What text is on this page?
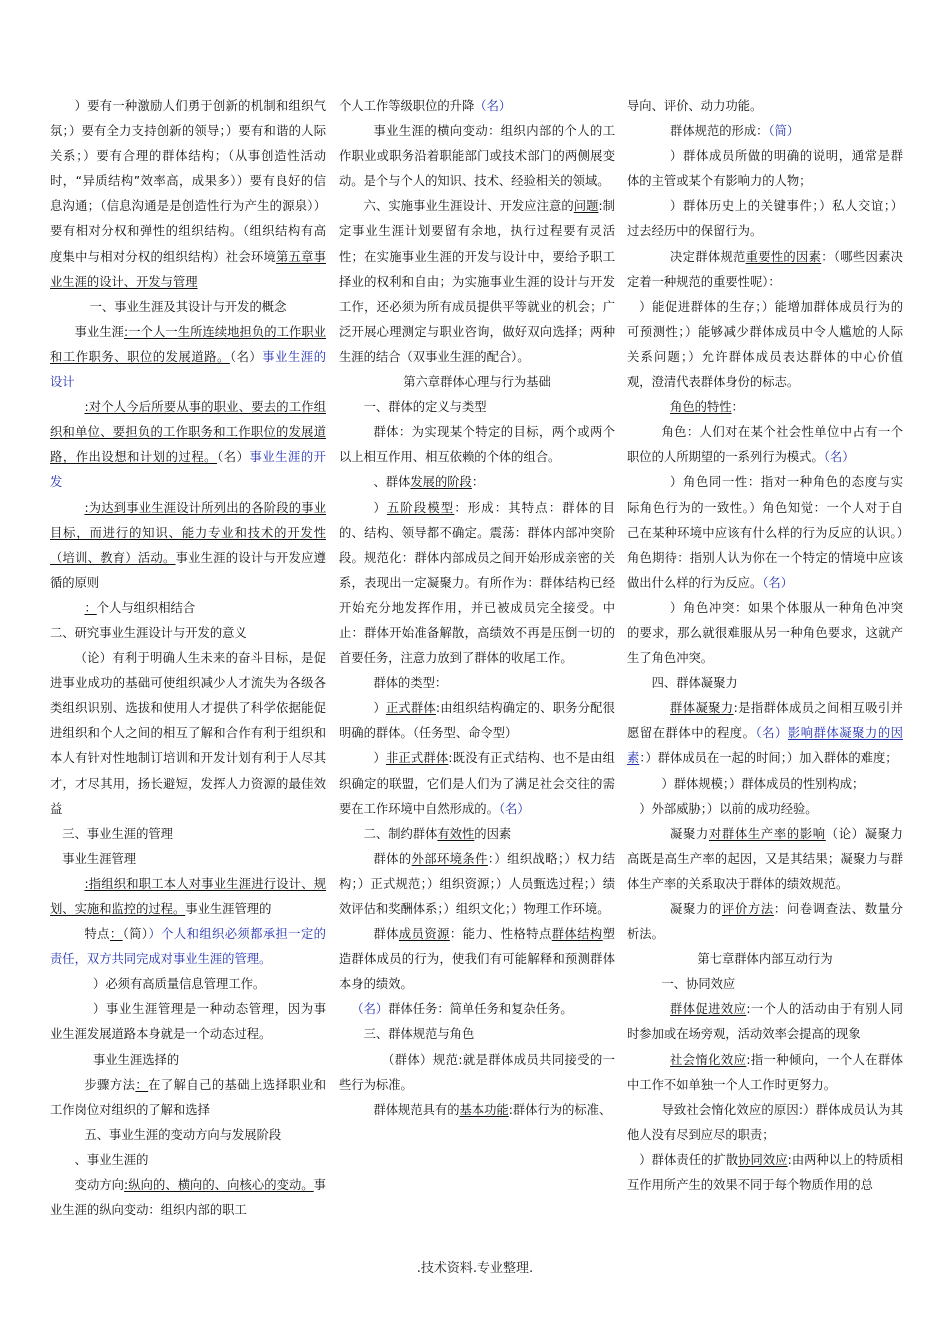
）要有一种激励人们勇于创新的机制和组织气氛；）要有全力支持创新的领导；）要有和谐的人际关系；）要有合理的群体结构；（从事创造性活动时，“异质结构”效率高，成果多））要有良好的信息沟通；（信息沟通是是创造性行为产生的源泉））要有相对分权和弹性的组织结构。（组织结构有高度集中与相对分权的组织结构）社会环境第五章事业生涯的设计、开发与管理

一、事业生涯及其设计与开发的概念

事业生涯:一个人一生所连续地担负的工作职业和工作职务、职位的发展道路。（名）事业生涯的设计

:对个人今后所要从事的职业、要去的工作组织和单位、要担负的工作职务和工作职位的发展道路，作出设想和计划的过程。（名）事业生涯的开发

:为达到事业生涯设计所列出的各阶段的事业目标，而进行的知识、能力专业和技术的开发性（培训、教育）活动。事业生涯的设计与开发应遵循的原则

：个人与组织相结合

二、研究事业生涯设计与开发的意义

（论）有利于明确人生未来的奋斗目标，是促进事业成功的基础可使组织减少人才流失为各级各类组织识别、选拔和使用人才提供了科学依据能促进组织和个人之间的相互了解和合作有利于组织和本人有针对性地制订培训和开发计划有利于人尽其才，才尽其用，扬长避短，发挥人力资源的最佳效益

三、事业生涯的管理

事业生涯管理

:指组织和职工本人对事业生涯进行设计、规划、实施和监控的过程。事业生涯管理的

特点：（简））个人和组织必须都承担一定的责任，双方共同完成对事业生涯的管理。

）必须有高质量信息管理工作。

）事业生涯管理是一种动态管理，因为事业生涯发展道路本身就是一个动态过程。

事业生涯选择的

步骤方法：在了解自己的基础上选择职业和工作岗位对组织的了解和选择

五、事业生涯的变动方向与发展阶段

、事业生涯的

变动方向:纵向的、横向的、向核心的变动。事业生涯的纵向变动：组织内部的职工

个人工作等级职位的升降（名）

事业生涯的横向变动：组织内部的个人的工作职业或职务沿着职能部门或技术部门的两侧展变动。是个与个人的知识、技术、经验相关的领域。

六、实施事业生涯设计、开发应注意的问题:制定事业生涯计划要留有余地，执行过程要有灵活性；在实施事业生涯的开发与设计中，要给予职工择业的权利和自由；为实施事业生涯的设计与开发工作，还必须为所有成员提供平等就业的机会；广泛开展心理测定与职业咨询，做好双向选择；两种生涯的结合（双事业生涯的配合）。

第六章群体心理与行为基础

一、群体的定义与类型

群体：为实现某个特定的目标，两个或两个以上相互作用、相互依赖的个体的组合。

、群体发展的阶段：

）五阶段模型：形成：其特点：群体的目的、结构、领导都不确定。震荡：群体内部冲突阶段。规范化：群体内部成员之间开始形成亲密的关系，表现出一定凝聚力。有所作为：群体结构已经开始充分地发挥作用，并已被成员完全接受。中止：群体开始准备解散，高绩效不再是压倒一切的首要任务，注意力放到了群体的收尾工作。

群体的类型：

）正式群体:由组织结构确定的、职务分配很明确的群体。（任务型、命令型）

）非正式群体:既没有正式结构、也不是由组织确定的联盟，它们是人们为了满足社会交往的需要在工作环境中自然形成的。（名）

二、制约群体有效性的因素

群体的外部环境条件：）组织战略；）权力结构；）正式规范；）组织资源；）人员甄选过程；）绩效评估和奖酬体系；）组织文化；）物理工作环境。

群体成员资源：能力、性格特点群体结构塑造群体成员的行为，使我们有可能解释和预测群体本身的绩效。

（名）群体任务：简单任务和复杂任务。

三、群体规范与角色

（群体）规范:就是群体成员共同接受的一些行为标准。

群体规范具有的基本功能:群体行为的标准、

导向、评价、动力功能。

群体规范的形成：（简）

）群体成员所做的明确的说明，通常是群体的主管或某个有影响力的人物；

）群体历史上的关键事件；）私人交谊；）过去经历中的保留行为。

决定群体规范重要性的因素：（哪些因素决定着一种规范的重要性呢）：

）能促进群体的生存；）能增加群体成员行为的可预测性；）能够减少群体成员中令人尴尬的人际关系问题；）允许群体成员表达群体的中心价值观，澄清代表群体身份的标志。

角色的特性：

角色：人们对在某个社会性单位中占有一个职位的人所期望的一系列行为模式。（名）

）角色同一性：指对一种角色的态度与实际角色行为的一致性。）角色知觉：一个人对于自己在某种环境中应该有什么样的行为反应的认识。）角色期待：指别人认为你在一个特定的情境中应该做出什么样的行为反应。（名）

）角色冲突：如果个体服从一种角色冲突的要求，那么就很难服从另一种角色要求，这就产生了角色冲突。

四、群体凝聚力

群体凝聚力:是指群体成员之间相互吸引并愿留在群体中的程度。（名）影响群体凝聚力的因素：）群体成员在一起的时间；）加入群体的难度；

）群体规模；）群体成员的性别构成；

）外部威胁；）以前的成功经验。

凝聚力对群体生产率的影响（论）凝聚力高既是高生产率的起因，又是其结果；凝聚力与群体生产率的关系取决于群体的绩效规范。

凝聚力的评价方法：问卷调查法、数量分析法。

第七章群体内部互动行为

一、协同效应

群体促进效应:一个人的活动由于有别人同时参加或在场旁观，活动效率会提高的现象

社会惰化效应:指一种倾向，一个人在群体中工作不如单独一个人工作时更努力。

导致社会惰化效应的原因:）群体成员认为其他人没有尽到应尽的职责；

）群体责任的扩散协同效应:由两种以上的特质相互作用所产生的效果不同于每个物质作用的总

.技术资料.专业整理.
